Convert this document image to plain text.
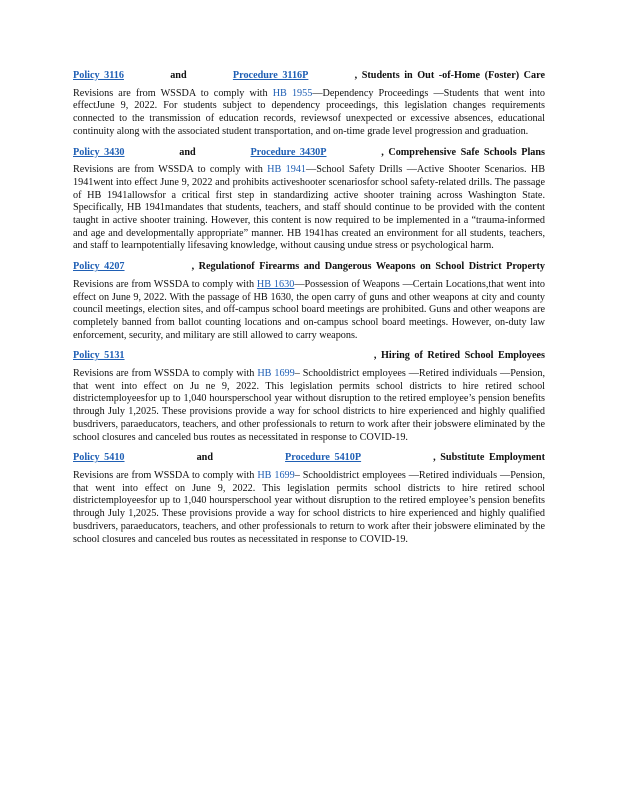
Policy 3116	and	Procedure 3116P	, Students in Out -of-Home (Foster) Care
Revisions are from WSSDA to comply with HB 1955—Dependency Proceedings —Students that went into effectJune 9, 2022. For students subject to dependency proceedings, this legislation changes requirements connected to the transmission of education records, reviewsof unexpected or excessive absences, educational continuity along with the associated student transportation, and on-time grade level progression and graduation.
Policy 3430	and	Procedure 3430P	, Comprehensive Safe Schools Plans
Revisions are from WSSDA to comply with HB 1941—School Safety Drills —Active Shooter Scenarios. HB 1941went into effect June 9, 2022 and prohibits activeshooter scenariosfor school safety-related drills. The passage of HB 1941allowsfor a critical first step in standardizing active shooter training across Washington State. Specifically, HB 1941mandates that students, teachers, and staff should continue to be provided with the content taught in active shooter training. However, this content is now required to be implemented in a “trauma-informed and age and developmentally appropriate” manner. HB 1941has created an environment for all students, teachers, and staff to learnpotentially lifesaving knowledge, without causing undue stress or psychological harm.
Policy 4207	, Regulationof Firearms and Dangerous Weapons on School District Property
Revisions are from WSSDA to comply with HB 1630—Possession of Weapons —Certain Locations,that went into effect on June 9, 2022. With the passage of HB 1630, the open carry of guns and other weapons at city and county council meetings, election sites, and off-campus school board meetings are prohibited. Guns and other weapons are completely banned from ballot counting locations and on-campus school board meetings. However, on-duty law enforcement, security, and military are still allowed to carry weapons.
Policy 5131	, Hiring of Retired School Employees
Revisions are from WSSDA to comply with HB 1699– Schooldistrict employees —Retired individuals —Pension, that went into effect on Ju ne 9, 2022. This legislation permits school districts to hire retired school districtemployeesfor up to 1,040 hoursperschool year without disruption to the retired employee’s pension benefits through July 1,2025. These provisions provide a way for school districts to hire experienced and highly qualified busdrivers, paraeducators, teachers, and other professionals to return to work after their jobswere eliminated by the school closures and canceled bus routes as necessitated in response to COVID-19.
Policy 5410	and	Procedure 5410P	, Substitute Employment
Revisions are from WSSDA to comply with HB 1699– Schooldistrict employees —Retired individuals —Pension, that went into effect on June 9, 2022. This legislation permits school districts to hire retired school districtemployeesfor up to 1,040 hoursperschool year without disruption to the retired employee’s pension benefits through July 1,2025. These provisions provide a way for school districts to hire experienced and highly qualified busdrivers, paraeducators, teachers, and other professionals to return to work after their jobswere eliminated by the school closures and canceled bus routes as necessitated in response to COVID-19.
